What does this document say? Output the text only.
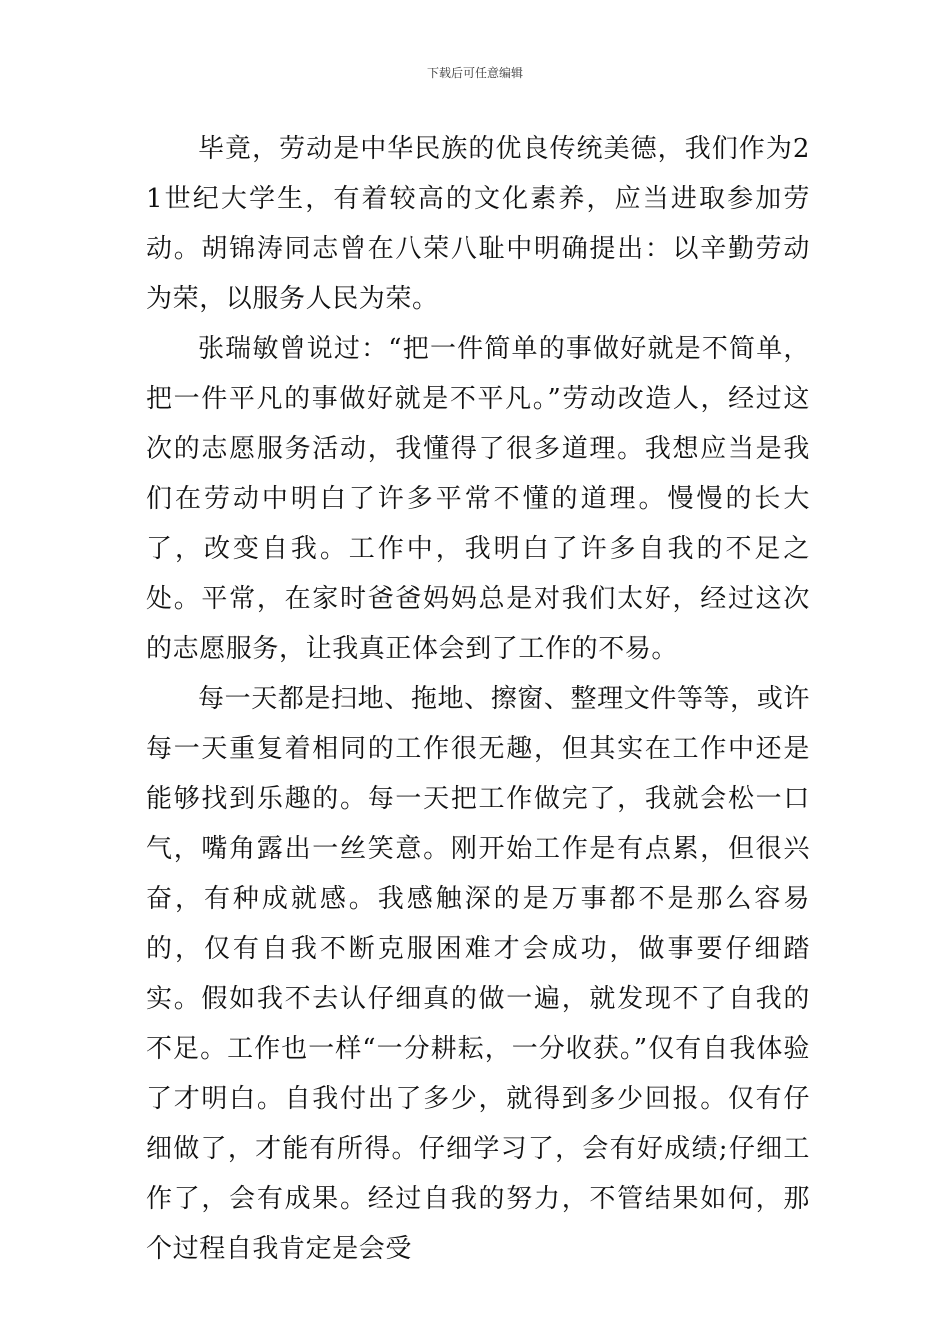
下载后可任意编辑

毕竟，劳动是中华民族的优良传统美德，我们作为21世纪大学生，有着较高的文化素养，应当进取参加劳动。胡锦涛同志曾在八荣八耻中明确提出：以辛勤劳动为荣，以服务人民为荣。

张瑞敏曾说过：“把一件简单的事做好就是不简单，把一件平凡的事做好就是不平凡。”劳动改造人，经过这次的志愿服务活动，我懂得了很多道理。我想应当是我们在劳动中明白了许多平常不懂的道理。慢慢的长大了，改变自我。工作中，我明白了许多自我的不足之处。平常，在家时爸爸妈妈总是对我们太好，经过这次的志愿服务，让我真正体会到了工作的不易。

每一天都是扫地、拖地、擦窗、整理文件等等，或许每一天重复着相同的工作很无趣，但其实在工作中还是能够找到乐趣的。每一天把工作做完了，我就会松一口气，嘴角露出一丝笑意。刚开始工作是有点累，但很兴奋，有种成就感。我感触深的是万事都不是那么容易的，仅有自我不断克服困难才会成功，做事要仔细踏实。假如我不去认仔细真的做一遍，就发现不了自我的不足。工作也一样“一分耕耘，一分收获。”仅有自我体验了才明白。自我付出了多少，就得到多少回报。仅有仔细做了，才能有所得。仔细学习了，会有好成绩;仔细工作了，会有成果。经过自我的努力，不管结果如何，那个过程自我肯定是会受
